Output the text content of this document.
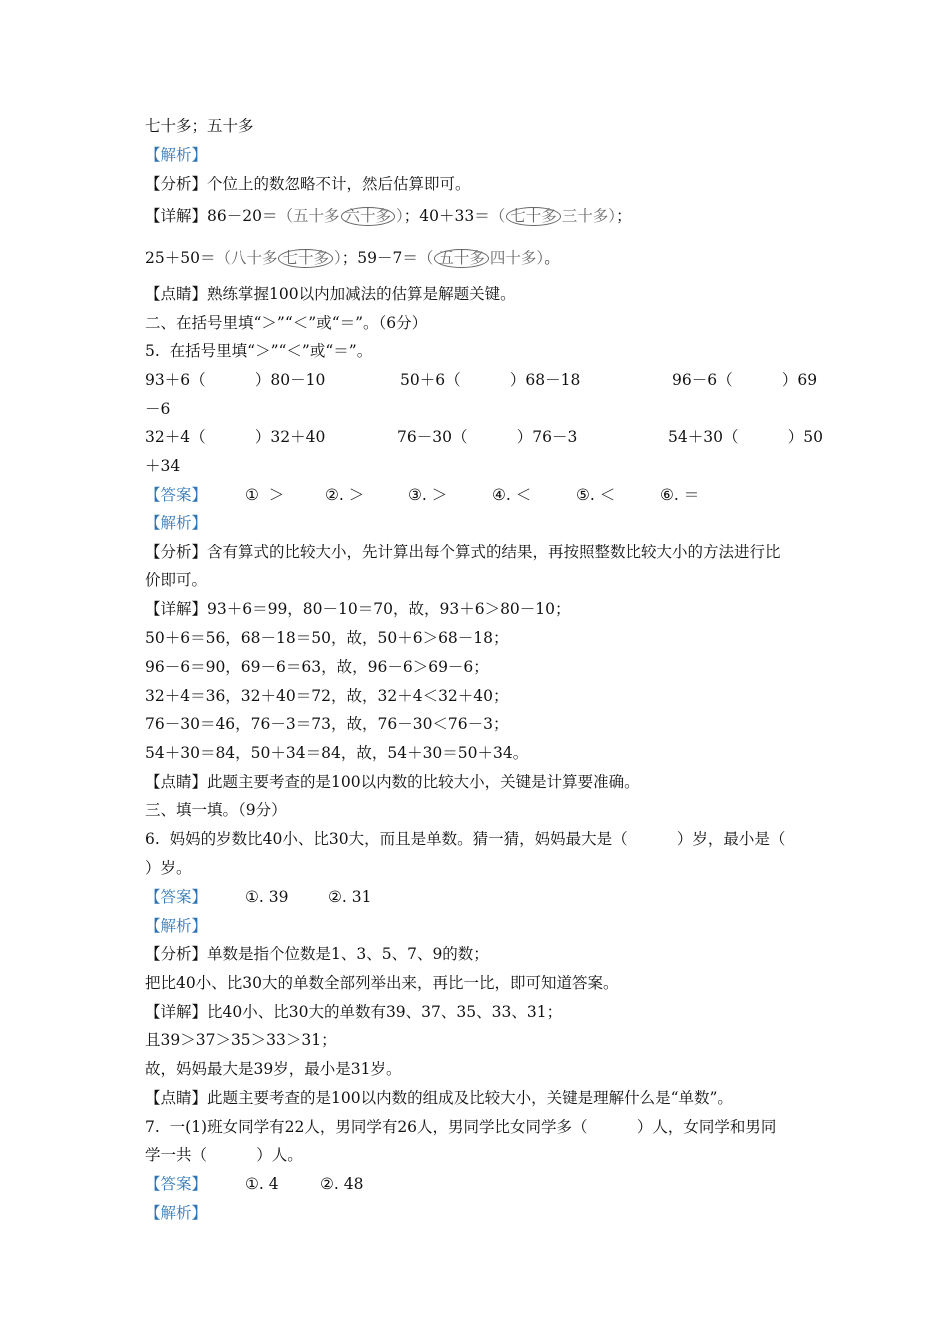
七十多；五十多
【解析】
【分析】个位上的数忽略不计，然后估算即可。
【详解】86－20＝（五十多 六十多 ）；40＋33＝（ 七十多 三十多）；
25＋50＝（八十多 七十多 ）；59－7＝（ 五十多 四十多）。
【点睛】熟练掌握100以内加减法的估算是解题关键。
二、在括号里填“＞”“＜”或“＝”。（6分）
5.  在括号里填“＞”“＜”或“＝”。
93＋6（          ）80－10	50＋6（          ）68－18	96－6（          ）69
－6
32＋4（          ）32＋40	76－30（          ）76－3	54＋30（          ）50
＋34
【答案】 ①  ＞	②. ＞	③. ＞	④. ＜	⑤. ＜	⑥. ＝
【解析】
【分析】含有算式的比较大小，先计算出每个算式的结果，再按照整数比较大小的方法进行比
价即可。
【详解】93＋6＝99，80－10＝70，故，93＋6＞80－10；
50＋6＝56，68－18＝50，故，50＋6＞68－18；
96－6＝90，69－6＝63，故，96－6＞69－6；
32＋4＝36，32＋40＝72，故，32＋4＜32＋40；
76－30＝46，76－3＝73，故，76－30＜76－3；
54＋30＝84，50＋34＝84，故，54＋30＝50＋34。
【点睛】此题主要考查的是100以内数的比较大小，关键是计算要准确。
三、填一填。（9分）
6.  妈妈的岁数比40小、比30大，而且是单数。猜一猜，妈妈最大是（          ）岁，最小是（
）岁。
【答案】 ①. 39	②. 31
【解析】
【分析】单数是指个位数是1、3、5、7、9的数；
把比40小、比30大的单数全部列举出来，再比一比，即可知道答案。
【详解】比40小、比30大的单数有39、37、35、33、31；
且39＞37＞35＞33＞31；
故，妈妈最大是39岁，最小是31岁。
【点睛】此题主要考查的是100以内数的组成及比较大小，关键是理解什么是“单数”。
7.  一(1)班女同学有22人，男同学有26人，男同学比女同学多（          ）人，女同学和男同
学一共（          ）人。
【答案】 ①. 4	②. 48
【解析】
